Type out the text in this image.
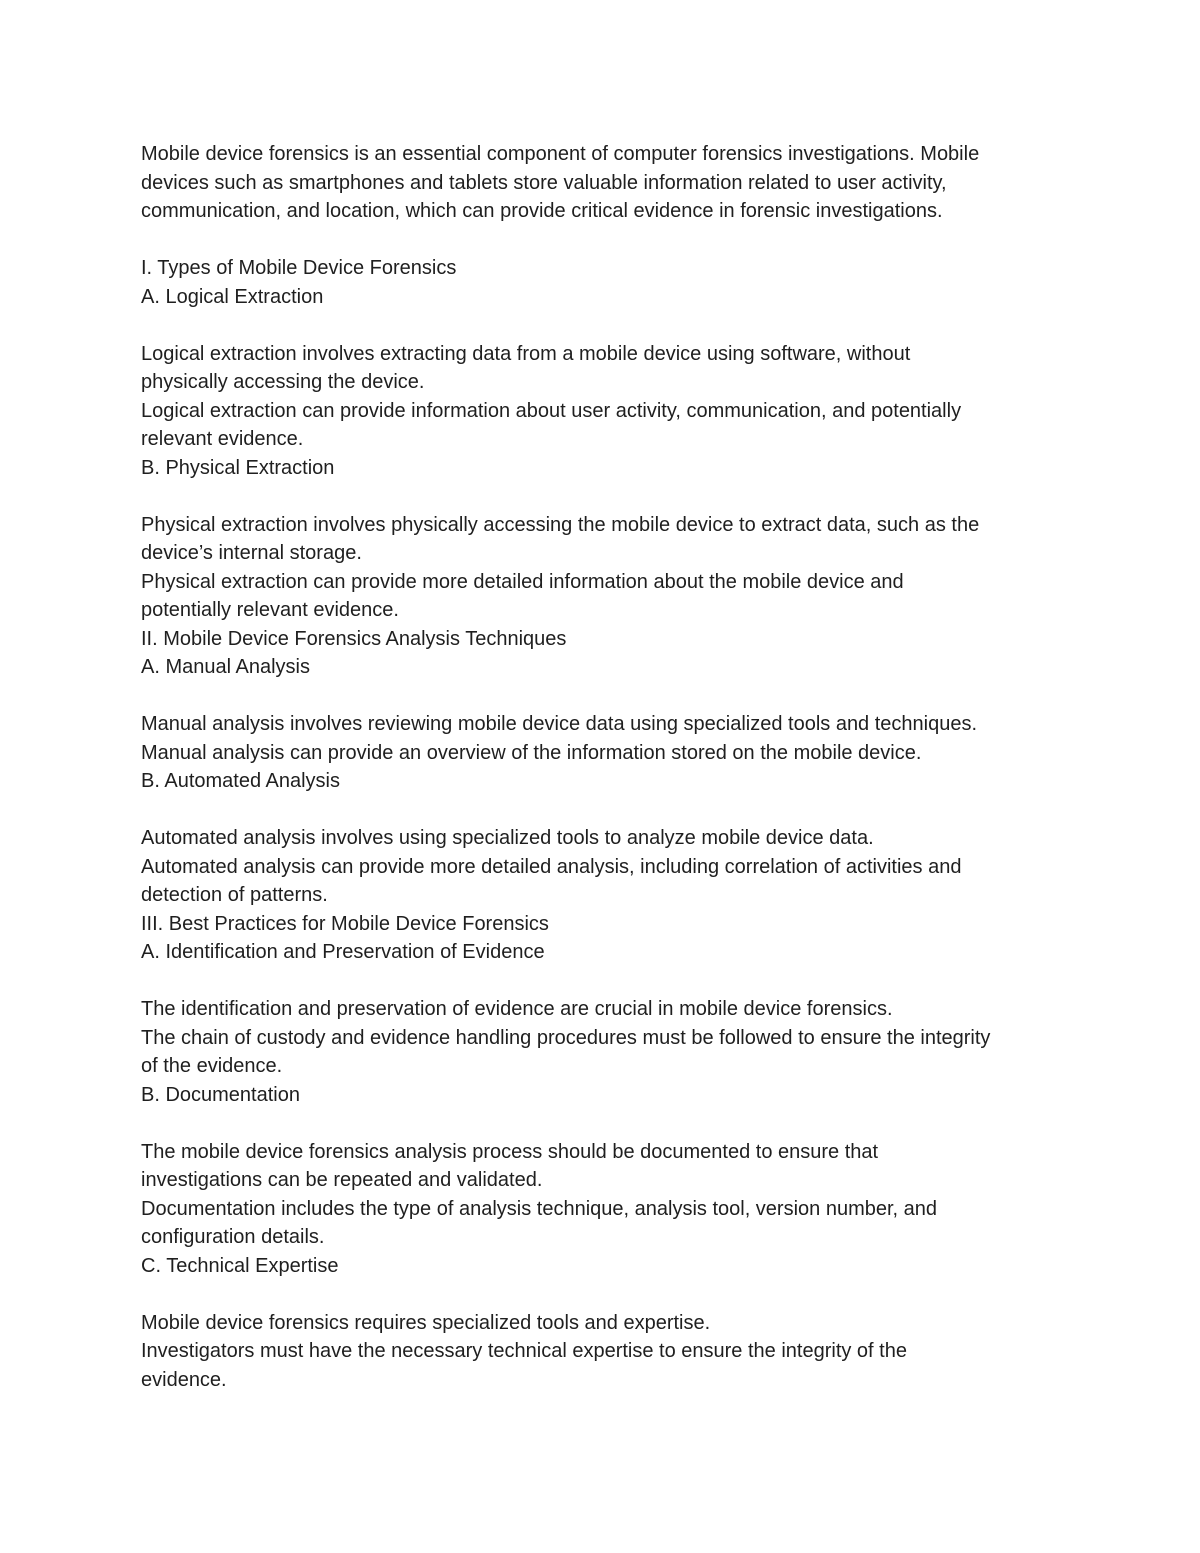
Mobile device forensics is an essential component of computer forensics investigations. Mobile
devices such as smartphones and tablets store valuable information related to user activity,
communication, and location, which can provide critical evidence in forensic investigations.

I. Types of Mobile Device Forensics
A. Logical Extraction
Logical extraction involves extracting data from a mobile device using software, without
physically accessing the device.
Logical extraction can provide information about user activity, communication, and potentially
relevant evidence.
B. Physical Extraction
Physical extraction involves physically accessing the mobile device to extract data, such as the
device’s internal storage.
Physical extraction can provide more detailed information about the mobile device and
potentially relevant evidence.
II. Mobile Device Forensics Analysis Techniques
A. Manual Analysis
Manual analysis involves reviewing mobile device data using specialized tools and techniques.
Manual analysis can provide an overview of the information stored on the mobile device.
B. Automated Analysis
Automated analysis involves using specialized tools to analyze mobile device data.
Automated analysis can provide more detailed analysis, including correlation of activities and
detection of patterns.
III. Best Practices for Mobile Device Forensics
A. Identification and Preservation of Evidence
The identification and preservation of evidence are crucial in mobile device forensics.
The chain of custody and evidence handling procedures must be followed to ensure the integrity
of the evidence.
B. Documentation
The mobile device forensics analysis process should be documented to ensure that
investigations can be repeated and validated.
Documentation includes the type of analysis technique, analysis tool, version number, and
configuration details.
C. Technical Expertise
Mobile device forensics requires specialized tools and expertise.
Investigators must have the necessary technical expertise to ensure the integrity of the
evidence.
